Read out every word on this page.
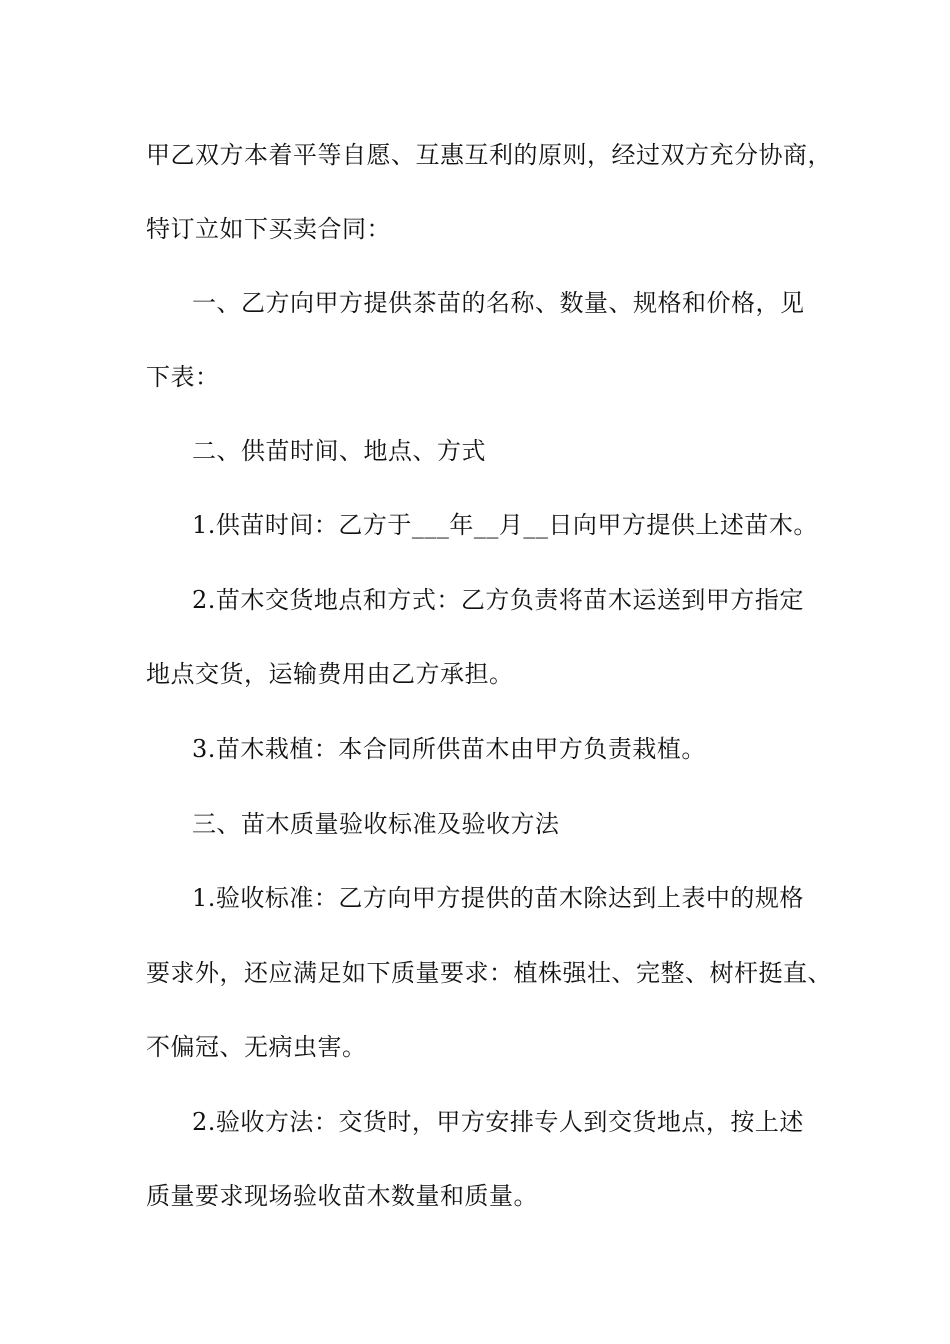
甲乙双方本着平等自愿、互惠互利的原则，经过双方充分协商，
特订立如下买卖合同：
一、乙方向甲方提供茶苗的名称、数量、规格和价格，见
下表：
二、供苗时间、地点、方式
1.供苗时间：乙方于___年__月__日向甲方提供上述苗木。
2.苗木交货地点和方式：乙方负责将苗木运送到甲方指定
地点交货，运输费用由乙方承担。
3.苗木栽植：本合同所供苗木由甲方负责栽植。
三、苗木质量验收标准及验收方法
1.验收标准：乙方向甲方提供的苗木除达到上表中的规格
要求外，还应满足如下质量要求：植株强壮、完整、树杆挺直、
不偏冠、无病虫害。
2.验收方法：交货时，甲方安排专人到交货地点，按上述
质量要求现场验收苗木数量和质量。
